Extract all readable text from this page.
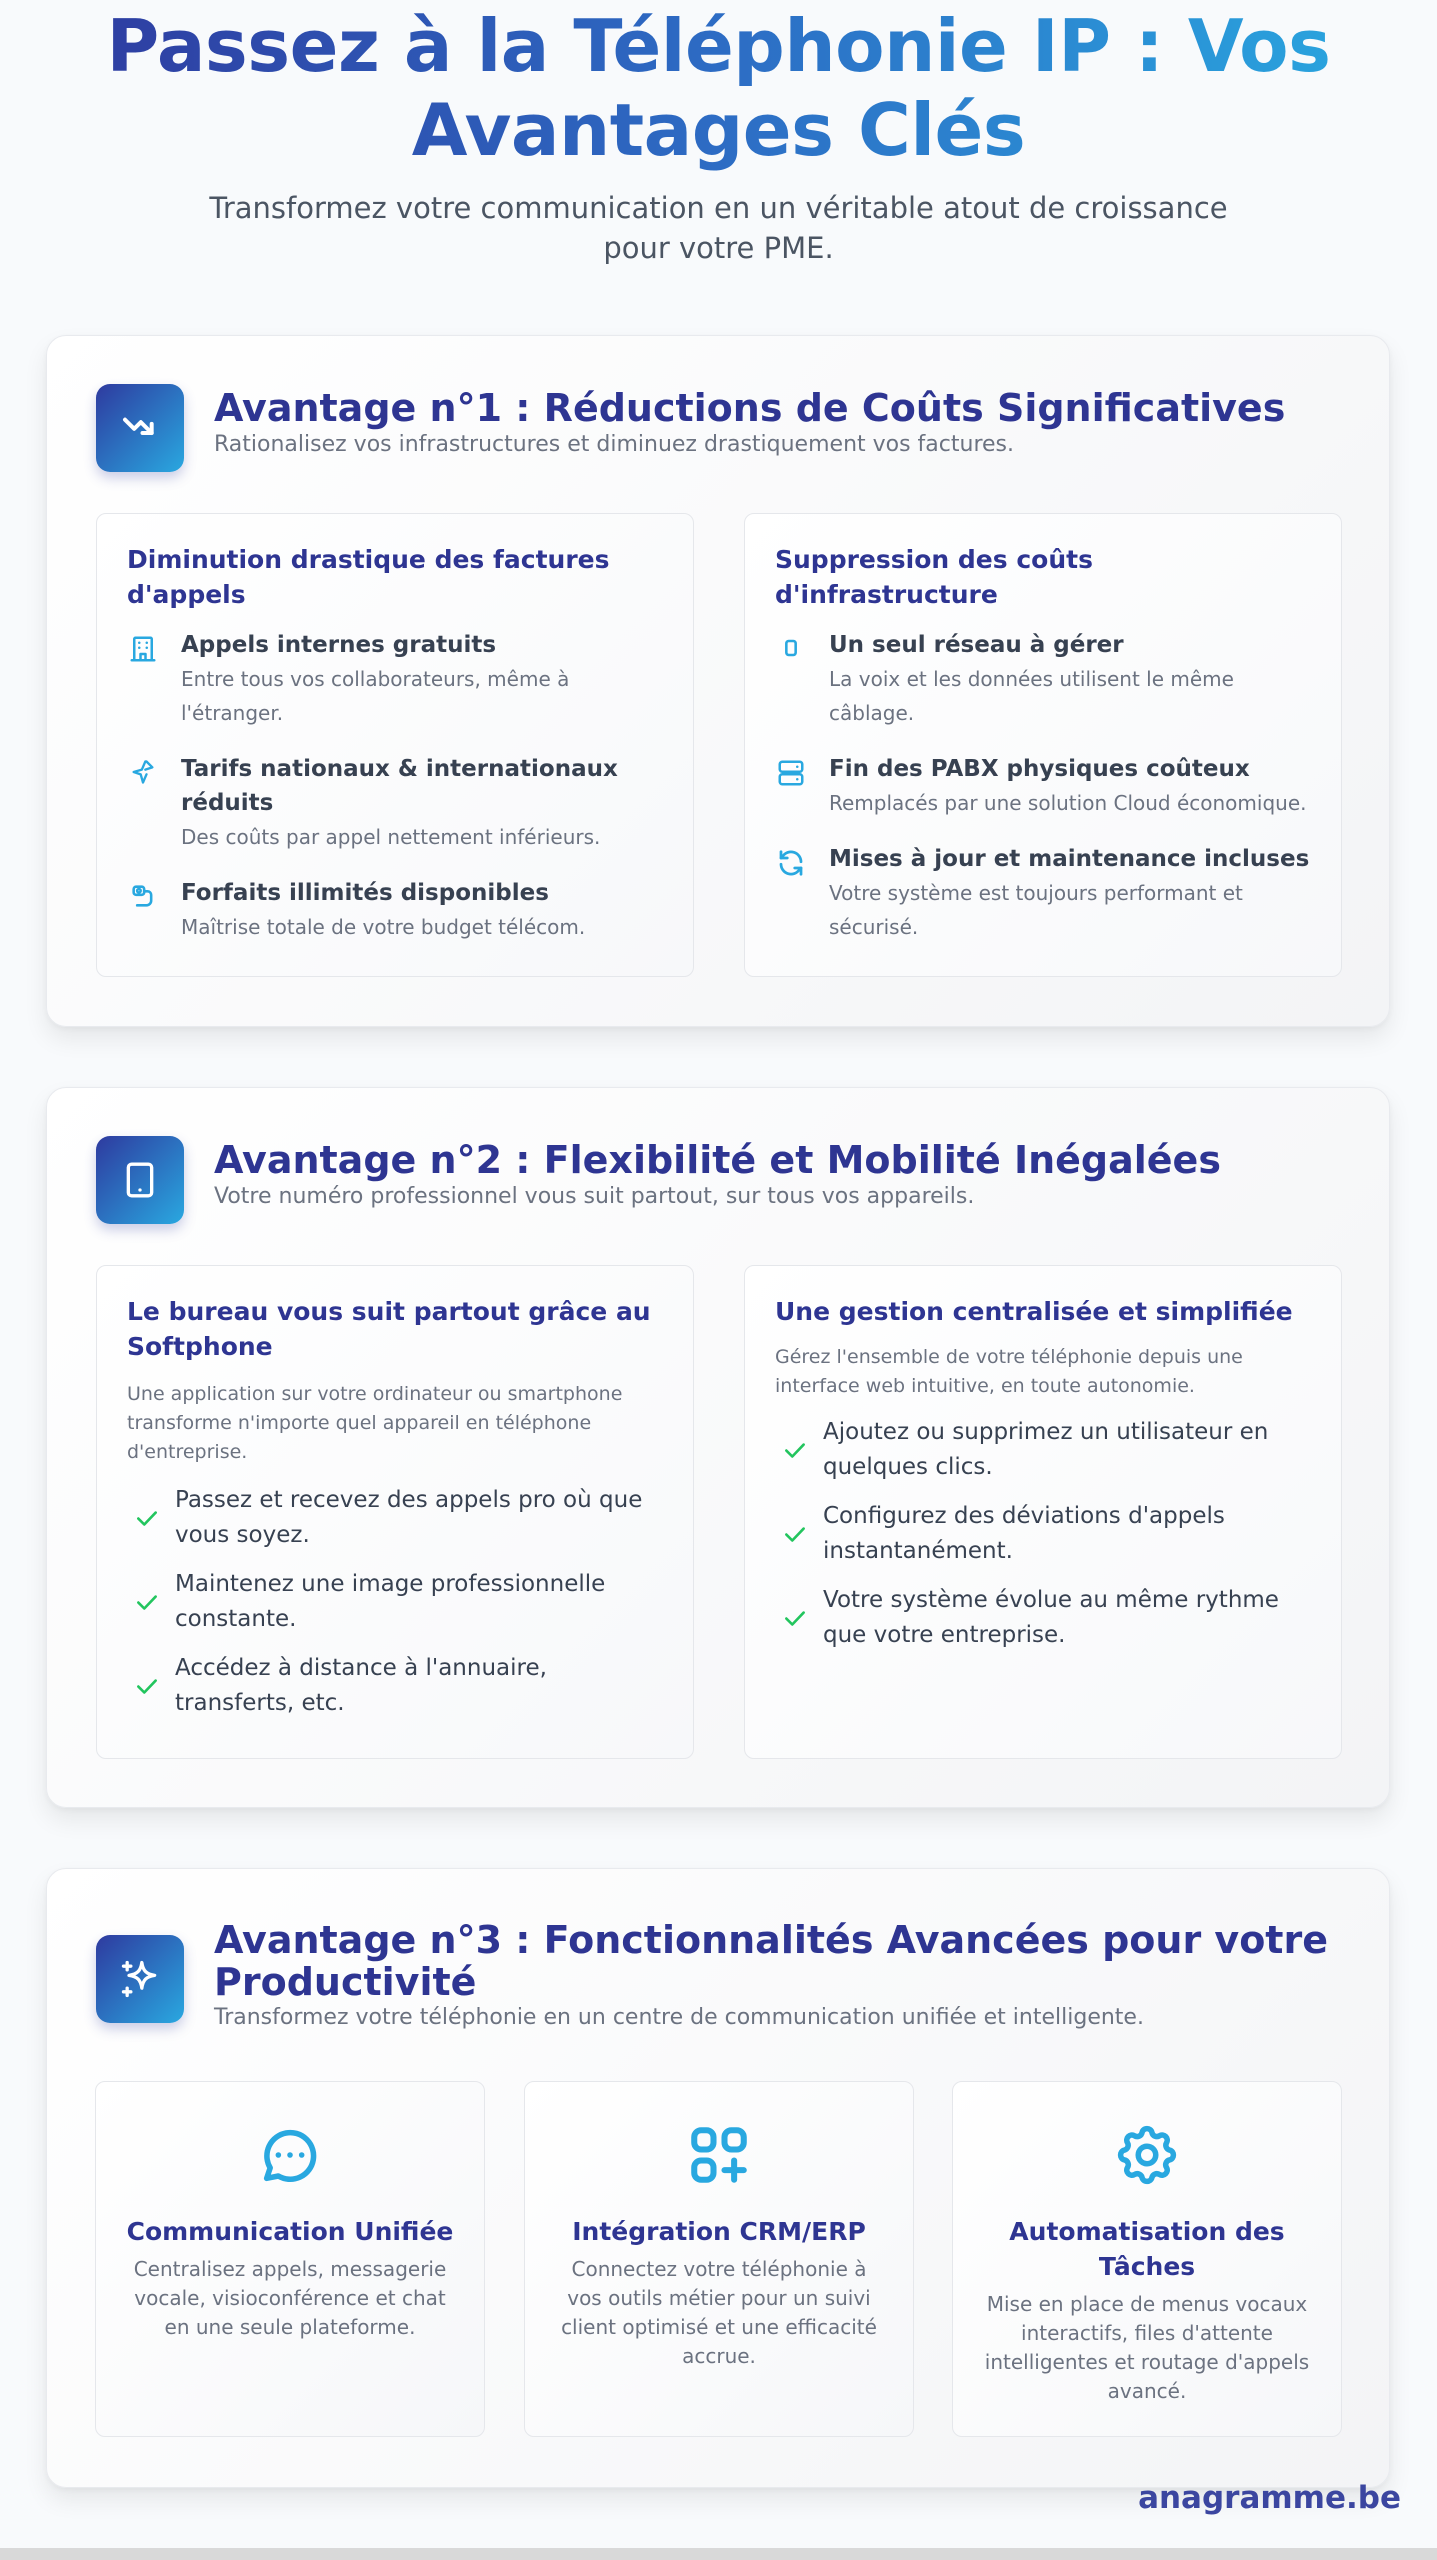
Passez à la Téléphonie IP : Vos Avantages Clés

Transformez votre communication en un véritable atout de croissance pour votre PME.

Avantage n°1 : Réductions de Coûts Significatives

Rationalisez vos infrastructures et diminuez drastiquement vos factures.

Diminution drastique des factures d'appels
Appels internes gratuits
Entre tous vos collaborateurs, même à l'étranger.
Tarifs nationaux & internationaux réduits
Des coûts par appel nettement inférieurs.
Forfaits illimités disponibles
Maîtrise totale de votre budget télécom.
Suppression des coûts d'infrastructure
Un seul réseau à gérer
La voix et les données utilisent le même câblage.
Fin des PABX physiques coûteux
Remplacés par une solution Cloud économique.
Mises à jour et maintenance incluses
Votre système est toujours performant et sécurisé.
Avantage n°2 : Flexibilité et Mobilité Inégalées

Votre numéro professionnel vous suit partout, sur tous vos appareils.

Le bureau vous suit partout grâce au Softphone

Une application sur votre ordinateur ou smartphone transforme n'importe quel appareil en téléphone d'entreprise.

Passez et recevez des appels pro où que vous soyez.
Maintenez une image professionnelle constante.
Accédez à distance à l'annuaire, transferts, etc.
Une gestion centralisée et simplifiée

Gérez l'ensemble de votre téléphonie depuis une interface web intuitive, en toute autonomie.

Ajoutez ou supprimez un utilisateur en quelques clics.
Configurez des déviations d'appels instantanément.
Votre système évolue au même rythme que votre entreprise.
Avantage n°3 : Fonctionnalités Avancées pour votre Productivité

Transformez votre téléphonie en un centre de communication unifiée et intelligente.

Communication Unifiée
Centralisez appels, messagerie vocale, visioconférence et chat en une seule plateforme.
Intégration CRM/ERP
Connectez votre téléphonie à vos outils métier pour un suivi client optimisé et une efficacité accrue.
Automatisation des Tâches
Mise en place de menus vocaux interactifs, files d'attente intelligentes et routage d'appels avancé.
anagramme.be
